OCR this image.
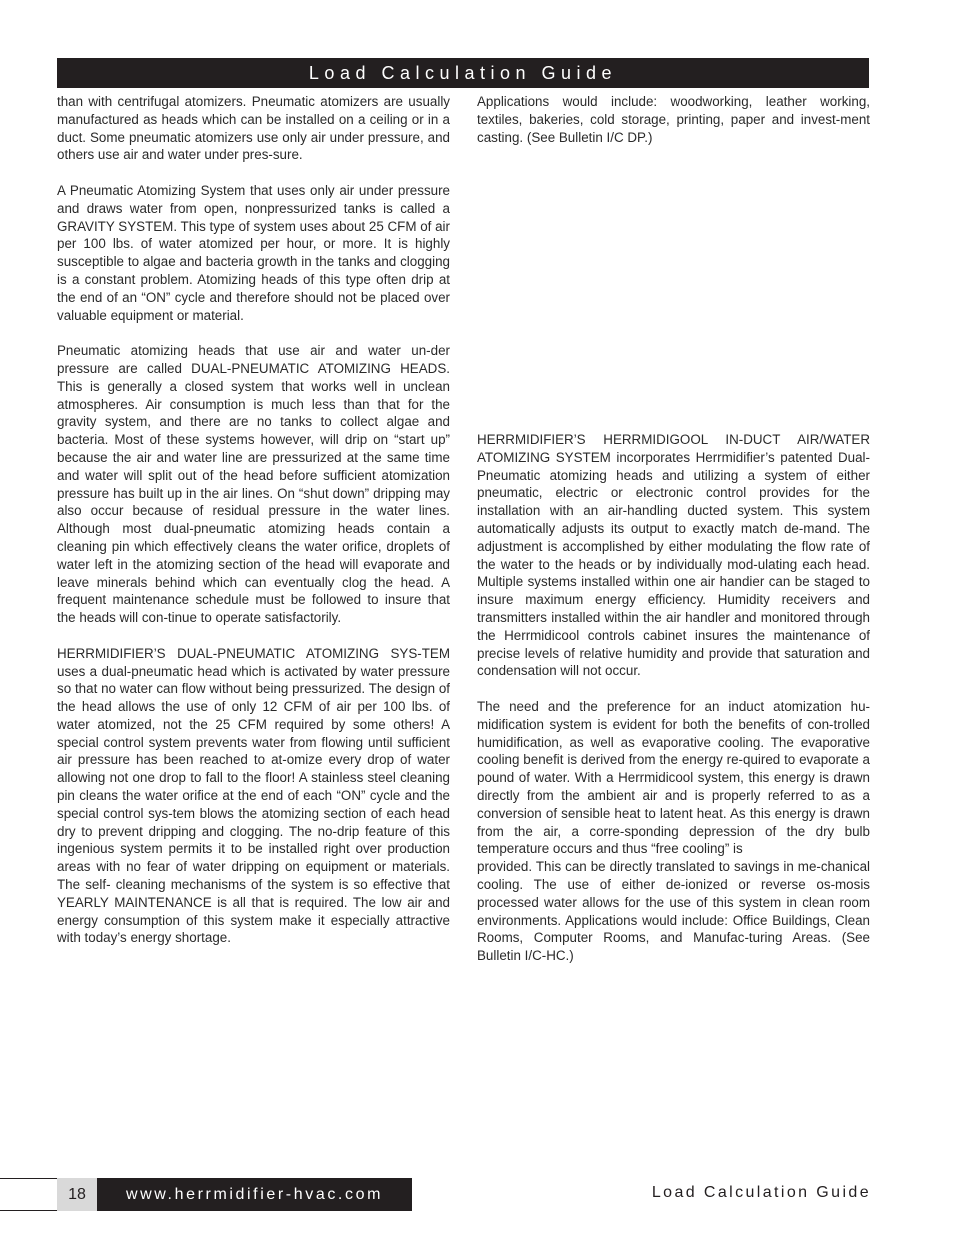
Load Calculation Guide

than with centrifugal atomizers. Pneumatic atomizers are usually manufactured as heads which can be installed on a ceiling or in a duct. Some pneumatic atomizers use only air under pressure, and others use air and water under pres-sure.

A Pneumatic Atomizing System that uses only air under pressure and draws water from open, nonpressurized tanks is called a GRAVITY SYSTEM. This type of system uses about 25 CFM of air per 100 lbs. of water atomized per hour, or more. It is highly susceptible to algae and bacteria growth in the tanks and clogging is a constant problem. Atomizing heads of this type often drip at the end of an “ON” cycle and therefore should not be placed over valuable equipment or material.

Pneumatic atomizing heads that use air and water un-der pressure are called DUAL-PNEUMATIC ATOMIZING HEADS. This is generally a closed system that works well in unclean atmospheres. Air consumption is much less than that for the gravity system, and there are no tanks to collect algae and bacteria. Most of these systems however, will drip on “start up” because the air and water line are pressurized at the same time and water will split out of the head before sufficient atomization pressure has built up in the air lines. On “shut down” dripping may also occur because of residual pressure in the water lines. Although most dual-pneumatic atomizing heads contain a cleaning pin which effectively cleans the water orifice, droplets of water left in the atomizing section of the head will evaporate and leave minerals behind which can eventually clog the head. A frequent maintenance schedule must be followed to insure that the heads will con-tinue to operate satisfactorily.

HERRMIDIFIER’S DUAL-PNEUMATIC ATOMIZING SYS-TEM uses a dual-pneumatic head which is activated by water pressure so that no water can flow without being pressurized. The design of the head allows the use of only 12 CFM of air per 100 lbs. of water atomized, not the 25 CFM required by some others! A special control system prevents water from flowing until sufficient air pressure has been reached to at-omize every drop of water allowing not one drop to fall to the floor! A stainless steel cleaning pin cleans the water orifice at the end of each “ON” cycle and the special control sys-tem blows the atomizing section of each head dry to prevent dripping and clogging. The no-drip feature of this ingenious system permits it to be installed right over production areas with no fear of water dripping on equipment or materials. The self- cleaning mechanisms of the system is so effective that YEARLY MAINTENANCE is all that is required. The low air and energy consumption of this system make it especially attractive with today’s energy shortage.

Applications would include: woodworking, leather working, textiles, bakeries, cold storage, printing, paper and invest-ment casting. (See Bulletin I/C DP.)

HERRMIDIFIER’S HERRMIDIGOOL IN-DUCT AIR/WATER ATOMIZING SYSTEM incorporates Herrmidifier’s patented Dual-Pneumatic atomizing heads and utilizing a system of either pneumatic, electric or electronic control provides for the installation with an air-handling ducted system. This system automatically adjusts its output to exactly match de-mand. The adjustment is accomplished by either modulating the flow rate of the water to the heads or by individually mod-ulating each head. Multiple systems installed within one air handier can be staged to insure maximum energy efficiency. Humidity receivers and transmitters installed within the air handler and monitored through the Herrmidicool controls cabinet insures the maintenance of precise levels of relative humidity and provide that saturation and condensation will not occur.

The need and the preference for an induct atomization hu-midification system is evident for both the benefits of con-trolled humidification, as well as evaporative cooling. The evaporative cooling benefit is derived from the energy re-quired to evaporate a pound of water. With a Herrmidicool system, this energy is drawn directly from the ambient air and is properly referred to as a conversion of sensible heat to latent heat. As this energy is drawn from the air, a corre-sponding depression of the dry bulb temperature occurs and thus “free cooling” is

provided. This can be directly translated to savings in me-chanical cooling. The use of either de-ionized or reverse os-mosis processed water allows for the use of this system in clean room environments. Applications would include: Office Buildings, Clean Rooms, Computer Rooms, and Manufac-turing Areas. (See Bulletin I/C-HC.)

18	www.herrmidifier-hvac.com	Load Calculation Guide
